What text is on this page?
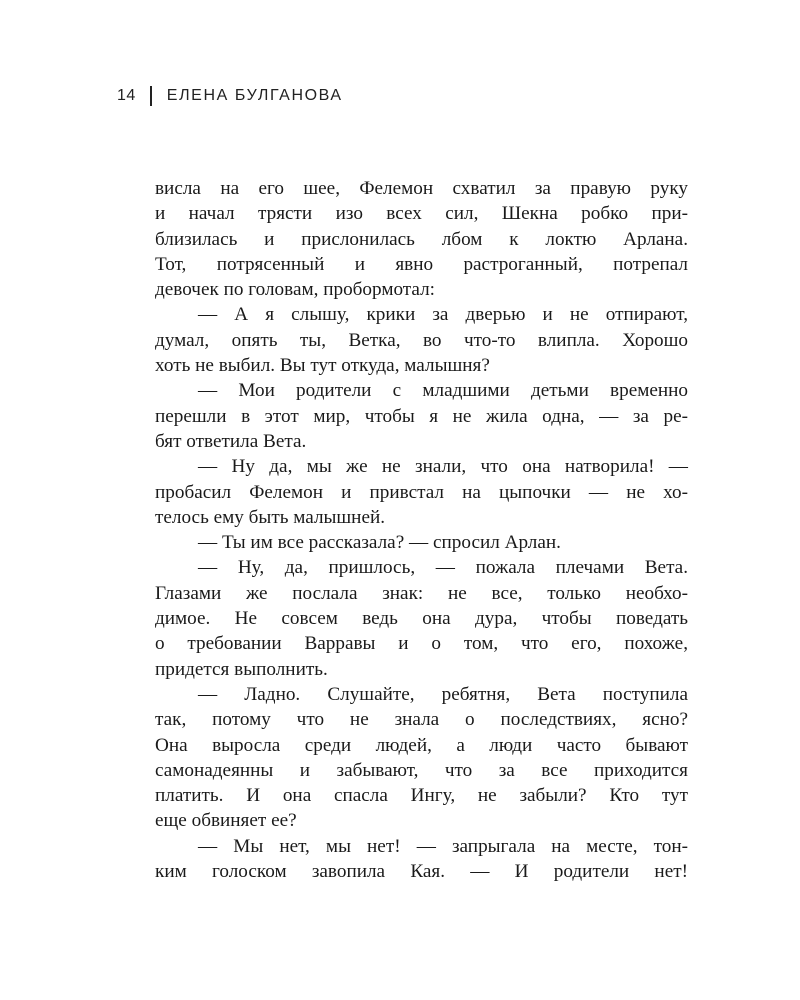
14 ЕЛЕНА БУЛГАНОВА
висла на его шее, Фелемон схватил за правую руку
и начал трясти изо всех сил, Шекна робко при-
близилась и прислонилась лбом к локтю Арлана.
Тот, потрясенный и явно растроганный, потрепал
девочек по головам, пробормотал:
— А я слышу, крики за дверью и не отпирают,
думал, опять ты, Ветка, во что-то влипла. Хорошо
хоть не выбил. Вы тут откуда, малышня?
— Мои родители с младшими детьми временно
перешли в этот мир, чтобы я не жила одна, — за ре-
бят ответила Вета.
— Ну да, мы же не знали, что она натворила! —
пробасил Фелемон и привстал на цыпочки — не хо-
телось ему быть малышней.
— Ты им все рассказала? — спросил Арлан.
— Ну, да, пришлось, — пожала плечами Вета.
Глазами же послала знак: не все, только необхо-
димое. Не совсем ведь она дура, чтобы поведать
о требовании Варравы и о том, что его, похоже,
придется выполнить.
— Ладно. Слушайте, ребятня, Вета поступила
так, потому что не знала о последствиях, ясно?
Она выросла среди людей, а люди часто бывают
самонадеянны и забывают, что за все приходится
платить. И она спасла Ингу, не забыли? Кто тут
еще обвиняет ее?
— Мы нет, мы нет! — запрыгала на месте, тон-
ким голоском завопила Кая. — И родители нет!
